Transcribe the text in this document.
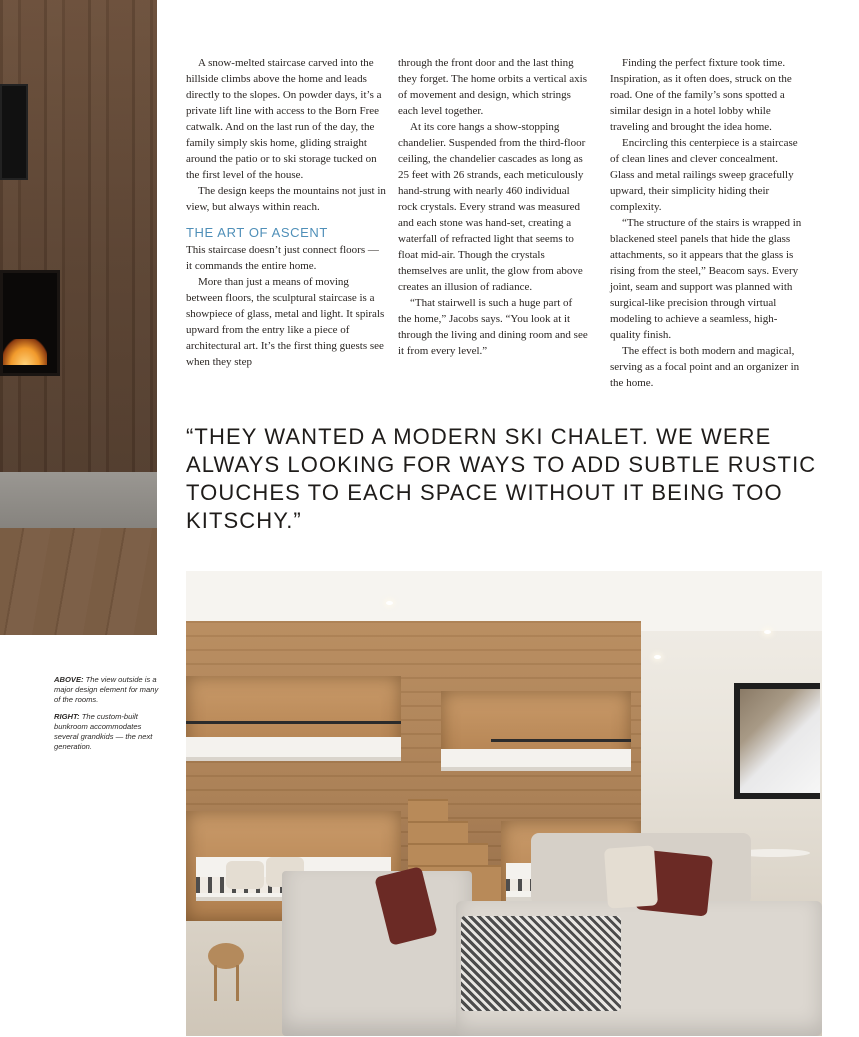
ABOVE: The view outside is a major design element for many of the rooms.

RIGHT: The custom-built bunkroom accommodates several grandkids — the next generation.

A snow-melted staircase carved into the hillside climbs above the home and leads directly to the slopes. On powder days, it’s a private lift line with access to the Born Free catwalk. And on the last run of the day, the family simply skis home, gliding straight around the patio or to ski storage tucked on the first level of the house.

The design keeps the mountains not just in view, but always within reach.

THE ART OF ASCENT

This staircase doesn’t just connect floors — it commands the entire home.

More than just a means of moving between floors, the sculptural staircase is a showpiece of glass, metal and light. It spirals upward from the entry like a piece of architectural art. It’s the first thing guests see when they step

through the front door and the last thing they forget. The home orbits a vertical axis of movement and design, which strings each level together.

At its core hangs a show-stopping chandelier. Suspended from the third-floor ceiling, the chandelier cascades as long as 25 feet with 26 strands, each meticulously hand-strung with nearly 460 individual rock crystals. Every strand was measured and each stone was hand-set, creating a waterfall of refracted light that seems to float mid-air. Though the crystals themselves are unlit, the glow from above creates an illusion of radiance.

“That stairwell is such a huge part of the home,” Jacobs says. “You look at it through the living and dining room and see it from every level.”

Finding the perfect fixture took time. Inspiration, as it often does, struck on the road. One of the family’s sons spotted a similar design in a hotel lobby while traveling and brought the idea home.

Encircling this centerpiece is a staircase of clean lines and clever concealment. Glass and metal railings sweep gracefully upward, their simplicity hiding their complexity.

“The structure of the stairs is wrapped in blackened steel panels that hide the glass attachments, so it appears that the glass is rising from the steel,” Beacom says. Every joint, seam and support was planned with surgical-like precision through virtual modeling to achieve a seamless, high-quality finish.

The effect is both modern and magical, serving as a focal point and an organizer in the home.

“THEY WANTED A MODERN SKI CHALET. WE WERE ALWAYS LOOKING FOR WAYS TO ADD SUBTLE RUSTIC TOUCHES TO EACH SPACE WITHOUT IT BEING TOO KITSCHY.”
